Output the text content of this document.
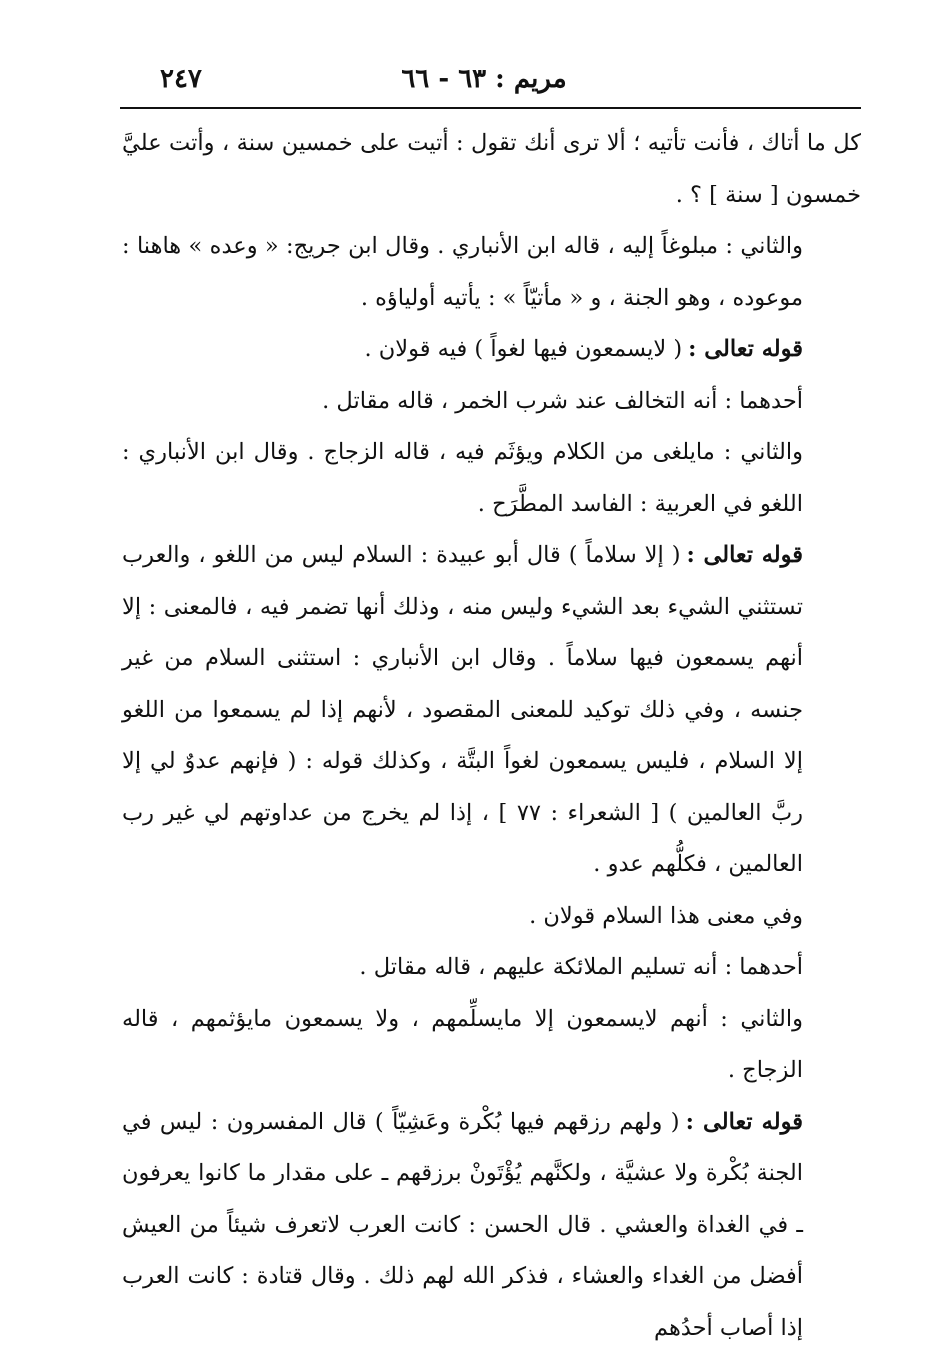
مريم : ٦٣ - ٦٦
٢٤٧

كل ما أتاك ، فأنت تأتيه ؛ ألا ترى أنك تقول : أتيت على خمسين سنة ، وأتت عليَّ خمسون [ سنة ] ؟ .

والثاني : مبلوغاً إليه ، قاله ابن الأنباري . وقال ابن جريج: « وعده » هاهنا : موعوده ، وهو الجنة ، و « مأتيّاً » : يأتيه أولياؤه .

قوله تعالى :( لايسمعون فيها لغواً ) فيه قولان .

أحدهما : أنه التخالف عند شرب الخمر ، قاله مقاتل .

والثاني : مايلغى من الكلام ويؤثَم فيه ، قاله الزجاج . وقال ابن الأنباري : اللغو في العربية : الفاسد المطَّرَح .

قوله تعالى :( إلا سلاماً ) قال أبو عبيدة : السلام ليس من اللغو ، والعرب تستثني الشيء بعد الشيء وليس منه ، وذلك أنها تضمر فيه ، فالمعنى : إلا أنهم يسمعون فيها سلاماً . وقال ابن الأنباري : استثنى السلام من غير جنسه ، وفي ذلك توكيد للمعنى المقصود ، لأنهم إذا لم يسمعوا من اللغو إلا السلام ، فليس يسمعون لغواً البتَّة ، وكذلك قوله : ( فإنهم عدوٌ لي إلا ربَّ العالمين ) [ الشعراء : ٧٧ ] ، إذا لم يخرج من عداوتهم لي غير رب العالمين ، فكلُّهم عدو .

وفي معنى هذا السلام قولان .

أحدهما : أنه تسليم الملائكة عليهم ، قاله مقاتل .

والثاني : أنهم لايسمعون إلا مايسلِّمهم ، ولا يسمعون مايؤثمهم ، قاله الزجاج .

قوله تعالى :( ولهم رزقهم فيها بُكْرة وعَشِيّاً ) قال المفسرون : ليس في الجنة بُكْرة ولا عشيَّة ، ولكنَّهم يُؤْتَونْ برزقهم ـ على مقدار ما كانوا يعرفون ـ في الغداة والعشي . قال الحسن : كانت العرب لاتعرف شيئاً من العيش أفضل من الغداء والعشاء ، فذكر الله لهم ذلك . وقال قتادة : كانت العرب إذا أصاب أحدُهم
